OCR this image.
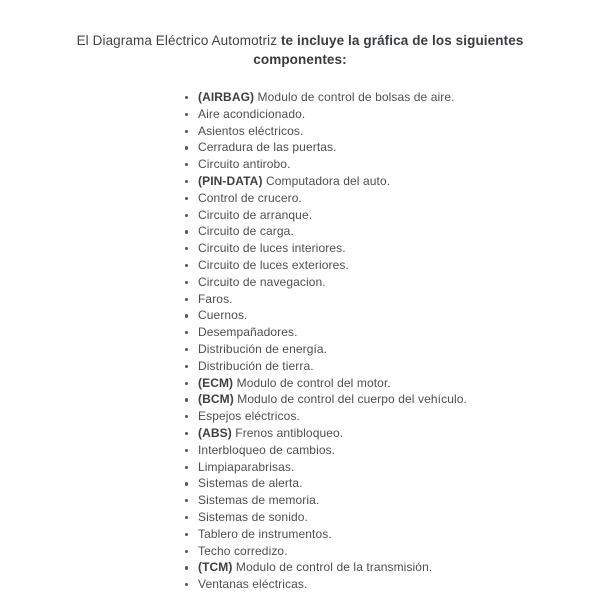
El Diagrama Eléctrico Automotriz te incluye la gráfica de los siguientes componentes:
(AIRBAG) Modulo de control de bolsas de aire.
Aire acondicionado.
Asientos eléctricos.
Cerradura de las puertas.
Circuito antirobo.
(PIN-DATA) Computadora del auto.
Control de crucero.
Circuito de arranque.
Circuito de carga.
Circuito de luces interiores.
Circuito de luces exteriores.
Circuito de navegacion.
Faros.
Cuernos.
Desempañadores.
Distribución de energía.
Distribución de tierra.
(ECM) Modulo de control del motor.
(BCM) Modulo de control del cuerpo del vehículo.
Espejos eléctricos.
(ABS) Frenos antibloqueo.
Interbloqueo de cambios.
Limpiaparabrisas.
Sistemas de alerta.
Sistemas de memoria.
Sistemas de sonido.
Tablero de instrumentos.
Techo corredizo.
(TCM) Modulo de control de la transmisión.
Ventanas eléctricas.
